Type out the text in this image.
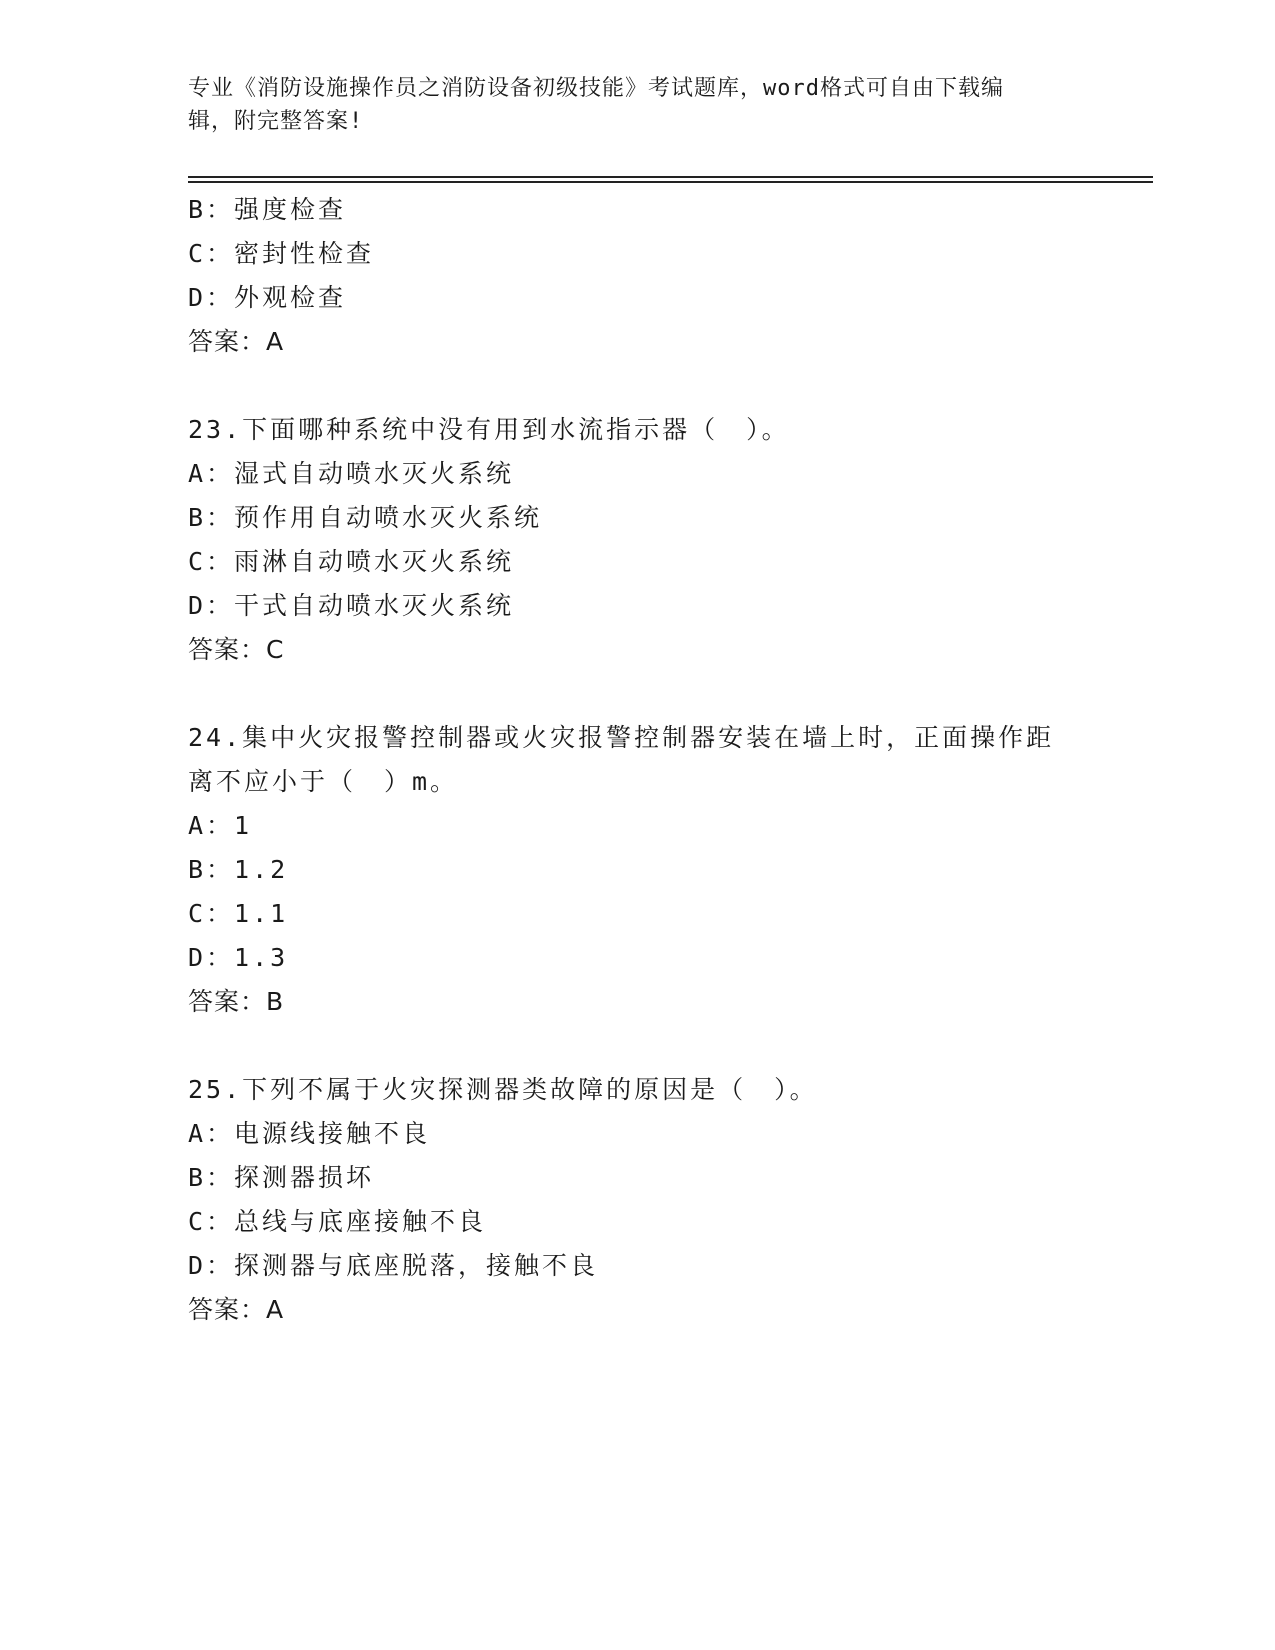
专业《消防设施操作员之消防设备初级技能》考试题库，word格式可自由下载编
辑，附完整答案!
B：强度检查
C：密封性检查
D：外观检查
答案：A
23.下面哪种系统中没有用到水流指示器（　）。
A：湿式自动喷水灭火系统
B：预作用自动喷水灭火系统
C：雨淋自动喷水灭火系统
D：干式自动喷水灭火系统
答案：C
24.集中火灾报警控制器或火灾报警控制器安装在墙上时，正面操作距
离不应小于（　）m。
A：1
B：1.2
C：1.1
D：1.3
答案：B
25.下列不属于火灾探测器类故障的原因是（　）。
A：电源线接触不良
B：探测器损坏
C：总线与底座接触不良
D：探测器与底座脱落，接触不良
答案：A
